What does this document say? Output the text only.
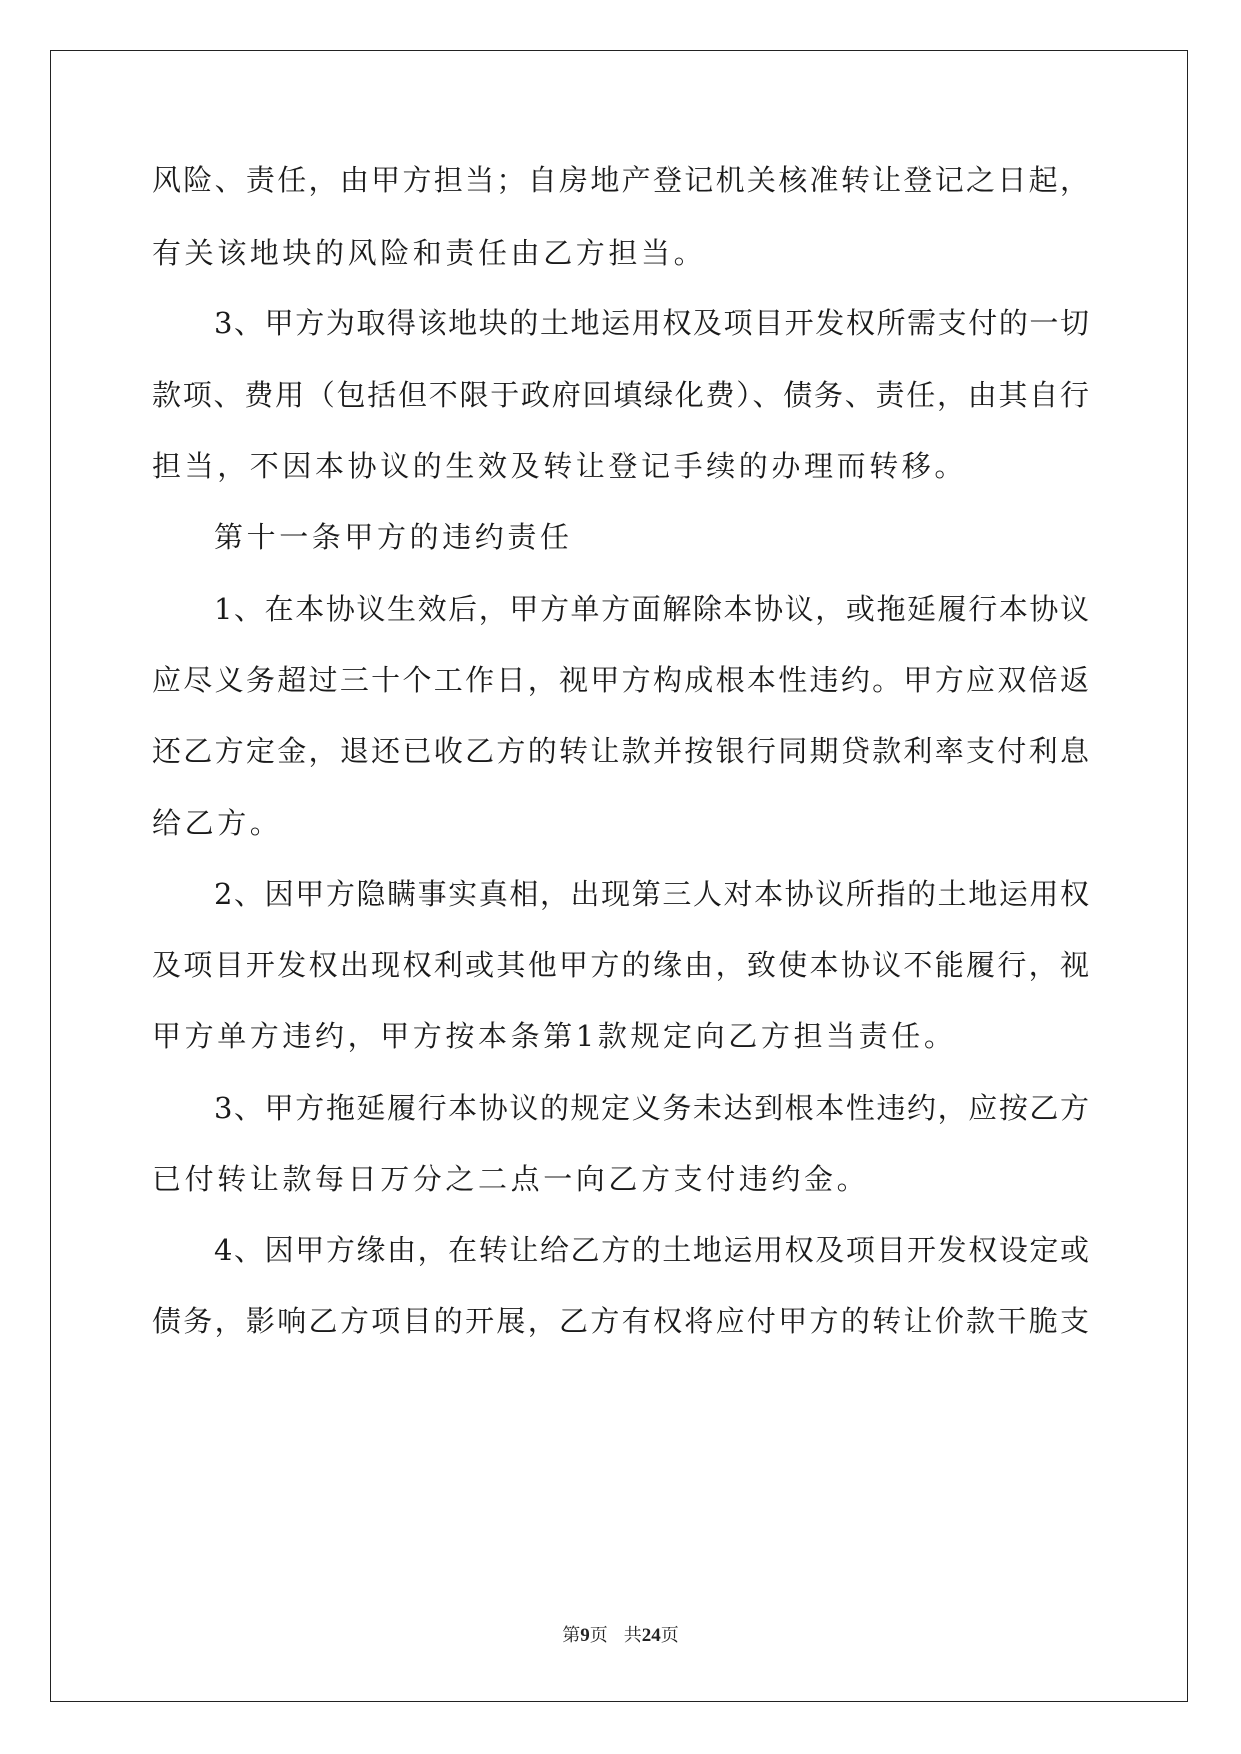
风险、责任，由甲方担当；自房地产登记机关核准转让登记之日起，
有关该地块的风险和责任由乙方担当。
3、甲方为取得该地块的土地运用权及项目开发权所需支付的一切
款项、费用（包括但不限于政府回填绿化费）、债务、责任，由其自行
担当，不因本协议的生效及转让登记手续的办理而转移。
第十一条甲方的违约责任
1、在本协议生效后，甲方单方面解除本协议，或拖延履行本协议
应尽义务超过三十个工作日，视甲方构成根本性违约。甲方应双倍返
还乙方定金，退还已收乙方的转让款并按银行同期贷款利率支付利息
给乙方。
2、因甲方隐瞒事实真相，出现第三人对本协议所指的土地运用权
及项目开发权出现权利或其他甲方的缘由，致使本协议不能履行，视
甲方单方违约，甲方按本条第1款规定向乙方担当责任。
3、甲方拖延履行本协议的规定义务未达到根本性违约，应按乙方
已付转让款每日万分之二点一向乙方支付违约金。
4、因甲方缘由，在转让给乙方的土地运用权及项目开发权设定或
债务，影响乙方项目的开展，乙方有权将应付甲方的转让价款干脆支
第9页 共24页
